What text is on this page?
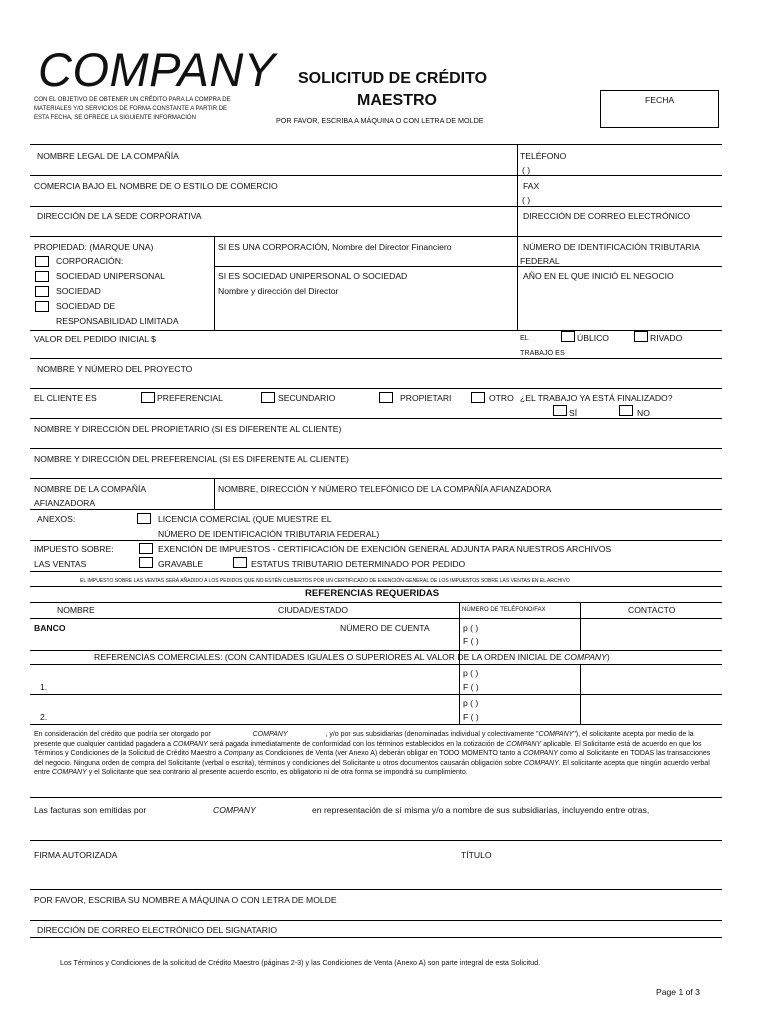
COMPANY
CON EL OBJETIVO DE OBTENER UN CRÉDITO PARA LA COMPRA DE
MATERIALES Y/O SERVICIOS DE FORMA CONSTANTE A PARTIR DE
ESTA FECHA, SE OFRECE LA SIGUIENTE INFORMACIÓN
SOLICITUD DE CRÉDITO
MAESTRO
POR FAVOR, ESCRIBA A MÁQUINA O CON LETRA DE MOLDE
FECHA
NOMBRE LEGAL DE LA COMPAÑÍA	TELÉFONO
( )
COMERCIA BAJO EL NOMBRE DE O ESTILO DE COMERCIO	FAX
( )
DIRECCIÓN DE LA SEDE CORPORATIVA	DIRECCIÓN DE CORREO ELECTRÓNICO
PROPIEDAD: (MARQUE UNA)	SI ES UNA CORPORACIÓN, Nombre del Director Financiero	NÚMERO DE IDENTIFICACIÓN TRIBUTARIA
FEDERAL
CORPORACIÓN:
SOCIEDAD UNIPERSONAL	SI ES SOCIEDAD UNIPERSONAL O SOCIEDAD	AÑO EN EL QUE INICIÓ EL NEGOCIO
SOCIEDAD	Nombre y dirección del Director
SOCIEDAD DE
RESPONSABILIDAD LIMITADA
VALOR DEL PEDIDO INICIAL $	EL	ÚBLICO	RIVADO
TRABAJO ES
NOMBRE Y NÚMERO DEL PROYECTO
EL CLIENTE ES	PREFERENCIAL	SECUNDARIO	PROPIETARI	OTRO ¿EL TRABAJO YA ESTÁ FINALIZADO?
SÍ	NO
NOMBRE Y DIRECCIÓN DEL PROPIETARIO (SI ES DIFERENTE AL CLIENTE)
NOMBRE Y DIRECCIÓN DEL PREFERENCIAL (SI ES DIFERENTE AL CLIENTE)
NOMBRE DE LA COMPAÑÍA
AFIANZADORA
NOMBRE, DIRECCIÓN Y NÚMERO TELEFÓNICO DE LA COMPAÑÍA AFIANZADORA
ANEXOS:	LICENCIA COMERCIAL (QUE MUESTRE EL
NÚMERO DE IDENTIFICACIÓN TRIBUTARIA FEDERAL)
IMPUESTO SOBRE:	EXENCIÓN DE IMPUESTOS - CERTIFICACIÓN DE EXENCIÓN GENERAL ADJUNTA PARA NUESTROS ARCHIVOS
LAS VENTAS	GRAVABLE	ESTATUS TRIBUTARIO DETERMINADO POR PEDIDO
EL IMPUESTO SOBRE LAS VENTAS SERÁ AÑADIDO A LOS PEDIDOS QUE NO ESTÉN CUBIERTOS POR UN CERTIFICADO DE EXENCIÓN GENERAL DE LOS IMPUESTOS SOBRE LAS VENTAS EN EL ARCHIVO
REFERENCIAS REQUERIDAS
NOMBRE	CIUDAD/ESTADO	NÚMERO DE TELÉFONO/FAX	CONTACTO
BANCO	NÚMERO DE CUENTA	p ( )
F ( )
REFERENCIAS COMERCIALES: (CON CANTIDADES IGUALES O SUPERIORES AL VALOR DE LA ORDEN INICIAL DE COMPANY)
p ( )
1.	F ( )
p ( )
2.	F ( )
En consideración del crédito que podría ser otorgado por	COMPANY	, y/o por sus subsidiarias (denominadas individual y colectivamente "COMPANY"), el solicitante acepta por medio de la presente que cualquier cantidad pagadera a COMPANY será pagada inmediatamente de conformidad con los términos establecidos en la cotización de COMPANY aplicable. El Solicitante está de acuerdo en que los Términos y Condiciones de la Solicitud de Crédito Maestro a Company as Condiciones de Venta (ver Anexo A) deberán obligar en TODO MOMENTO tanto a COMPANY como al Solicitante en TODAS las transacciones del negocio. Ninguna orden de compra del Solicitante (verbal o escrita), términos y condiciones del Solicitante u otros documentos causarán obligación sobre COMPANY. El solicitante acepta que ningún acuerdo verbal entre COMPANY y el Solicitante que sea contrario al presente acuerdo escrito, es obligatorio ni de otra forma se impondrá su cumplimiento.
Las facturas son emitidas por	COMPANY	en representación de sí misma y/o a nombre de sus subsidiarias, incluyendo entre otras,
FIRMA AUTORIZADA	TÍTULO
POR FAVOR, ESCRIBA SU NOMBRE A MÁQUINA O CON LETRA DE MOLDE
DIRECCIÓN DE CORREO ELECTRÓNICO DEL SIGNATARIO
Los Términos y Condiciones de la solicitud de Crédito Maestro (páginas 2-3) y las Condiciones de Venta (Anexo A) son parte integral de esta Solicitud.
Page 1 of 3
